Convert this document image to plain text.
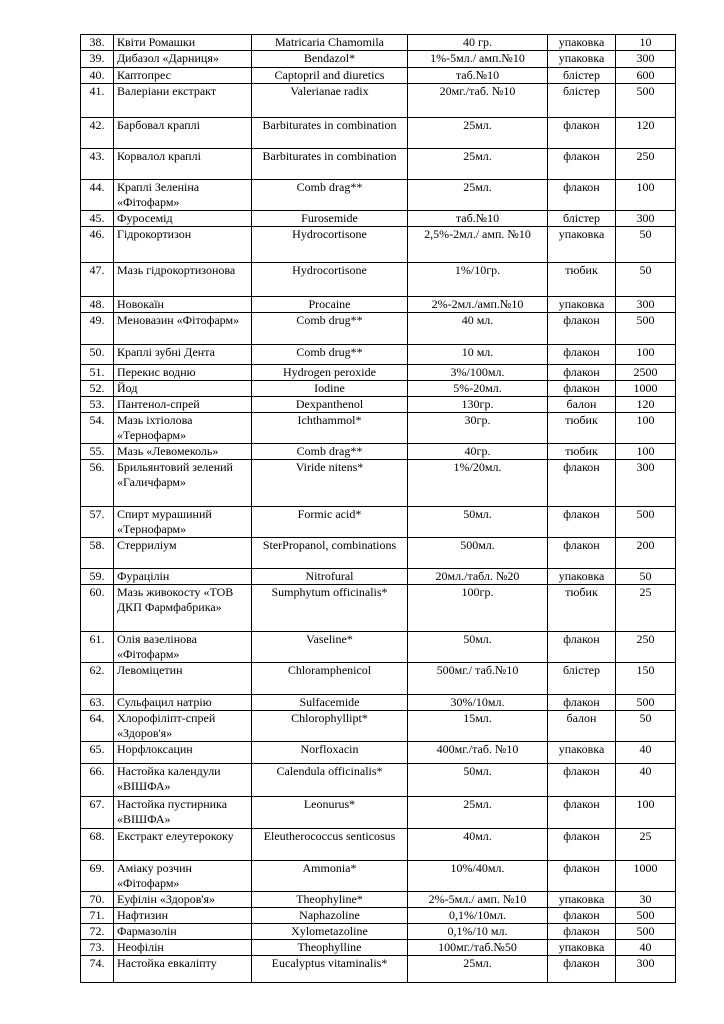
38.	Квіти Ромашки	Matricaria Chamomila	40 гр.	упаковка	10
39.	Дибазол «Дарниця»	Bendazol*	1%-5мл./ амп.№10	упаковка	300
40.	Каптопрес	Captopril and diuretics	таб.№10	блістер	600
41.	Валеріани екстракт	Valerianae radix	20мг./таб. №10	блістер	500
42.	Барбовал краплі	Barbiturates in combination	25мл.	флакон	120
43.	Корвалол краплі	Barbiturates in combination	25мл.	флакон	250
44.	Краплі Зеленіна «Фітофарм»	Comb drag**	25мл.	флакон	100
45.	Фуросемід	Furosemide	таб.№10	блістер	300
46.	Гідрокортизон	Hydrocortisone	2,5%-2мл./ амп. №10	упаковка	50
47.	Мазь гідрокортизонова	Hydrocortisone	1%/10гр.	тюбик	50
48.	Новокаїн	Procaine	2%-2мл./амп.№10	упаковка	300
49.	Меновазин «Фітофарм»	Comb drug**	40 мл.	флакон	500
50.	Краплі зубні Дента	Comb drug**	10 мл.	флакон	100
51.	Перекис водню	Hydrogen peroxide	3%/100мл.	флакон	2500
52.	Йод	Iodine	5%-20мл.	флакон	1000
53.	Пантенол-спрей	Dexpanthenol	130гр.	балон	120
54.	Мазь іхтіолова «Тернофарм»	Ichthammol*	30гр.	тюбик	100
55.	Мазь «Левомеколь»	Comb drag**	40гр.	тюбик	100
56.	Брильянтовий зелений «Галичфарм»	Viride nitens*	1%/20мл.	флакон	300
57.	Спирт мурашиний «Тернофарм»	Formic acid*	50мл.	флакон	500
58.	Стерриліум	SterPropanol, combinations	500мл.	флакон	200
59.	Фурацілін	Nitrofural	20мл./табл. №20	упаковка	50
60.	Мазь живокосту «ТОВ ДКП Фармфабрика»	Sumphytum officinalis*	100гр.	тюбик	25
61.	Олія вазелінова «Фітофарм»	Vaseline*	50мл.	флакон	250
62.	Левоміцетин	Chloramphenicol	500мг./ таб.№10	блістер	150
63.	Сульфацил натрію	Sulfacemide	30%/10мл.	флакон	500
64.	Хлорофіліпт-спрей «Здоров'я»	Chlorophyllipt*	15мл.	балон	50
65.	Норфлоксацин	Norfloxacin	400мг./таб. №10	упаковка	40
66.	Настойка календули «ВІШФА»	Calendula officinalis*	50мл.	флакон	40
67.	Настойка пустирника «ВІШФА»	Leonurus*	25мл.	флакон	100
68.	Екстракт елеутерококу	Eleutherococcus senticosus	40мл.	флакон	25
69.	Аміаку розчин «Фітофарм»	Ammonia*	10%/40мл.	флакон	1000
70.	Еуфілін «Здоров'я»	Theophyline*	2%-5мл./ амп. №10	упаковка	30
71.	Нафтизин	Naphazoline	0,1%/10мл.	флакон	500
72.	Фармазолін	Xylometazoline	0,1%/10 мл.	флакон	500
73.	Неофілін	Theophylline	100мг./таб.№50	упаковка	40
74.	Настойка евкаліпту	Eucalyptus vitaminalis*	25мл.	флакон	300
